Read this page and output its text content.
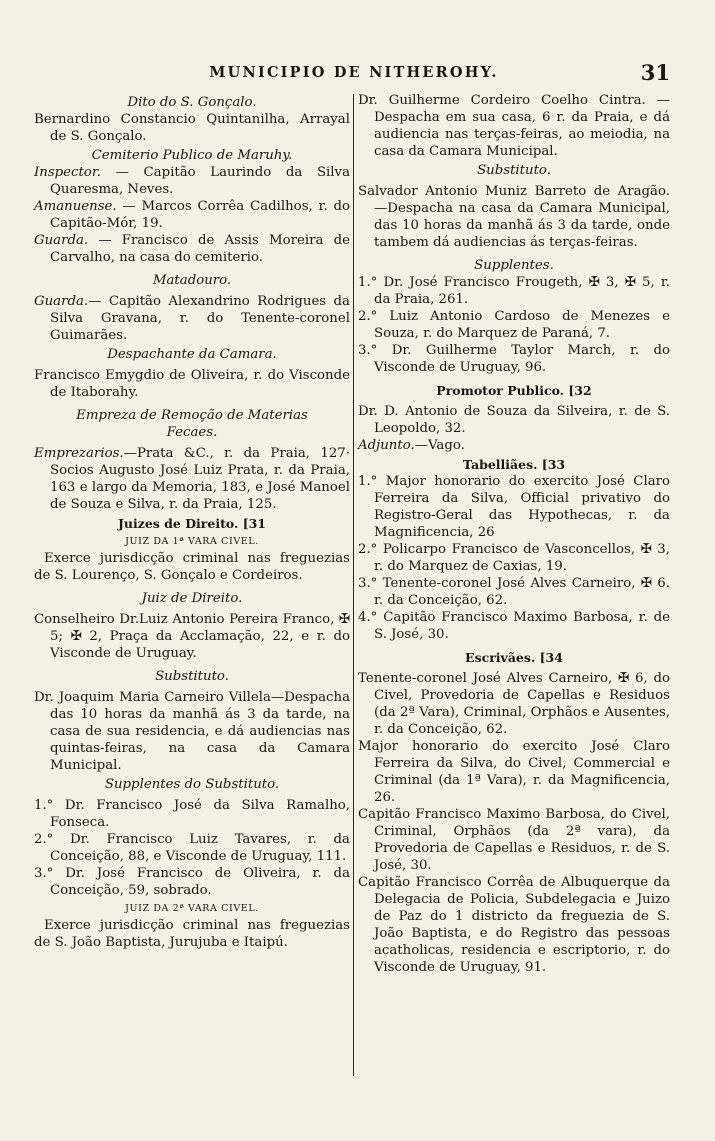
MUNICIPIO DE NITHEROHY.	31
Dito do S. Gonçalo.

Bernardino Constancio Quintanilha, Arrayal de S. Gonçalo.

Cemiterio Publico de Maruhy.

Inspector. — Capitão Laurindo da Silva Quaresma, Neves.

Amanuense. — Marcos Corrêa Cadilhos, r. do Capitão-Mór, 19.

Guarda. — Francisco de Assis Moreira de Carvalho, na casa do cemiterio.

Matadouro.

Guarda.— Capitão Alexandrino Rodrigues da Silva Gravana, r. do Tenente-coronel Guimarães.

Despachante da Camara.

Francisco Emygdio de Oliveira, r. do Visconde de Itaborahy.

Empreza de Remoção de Materias Fecaes.

Emprezarios.—Prata &C., r. da Praia, 127· Socios Augusto José Luiz Prata, r. da Praia, 163 e largo da Memoria, 183, e José Manoel de Souza e Silva, r. da Praia, 125.

Juizes de Direito. [31
JUIZ DA 1ª VARA CIVEL.

Exerce jurisdicção criminal nas freguezias de S. Lourenço, S. Gonçalo e Cordeiros.

Juiz de Direito.

Conselheiro Dr.Luiz Antonio Pereira Franco, ✠ 5; ✠ 2, Praça da Acclamação, 22, e r. do Visconde de Uruguay.

Substituto.

Dr. Joaquim Maria Carneiro Villela—Despacha das 10 horas da manhã ás 3 da tarde, na casa de sua residencia, e dá audiencias nas quintas-feiras, na casa da Camara Municipal.

Supplentes do Substituto.

1.° Dr. Francisco José da Silva Ramalho, Fonseca.

2.° Dr. Francisco Luiz Tavares, r. da Conceição, 88, e Visconde de Uruguay, 111.

3.° Dr. José Francisco de Oliveira, r. da Conceição, 59, sobrado.

JUIZ DA 2ª VARA CIVEL.

Exerce jurisdicção criminal nas freguezias de S. João Baptista, Jurujuba e Itaipú.

Dr. Guilherme Cordeiro Coelho Cintra. — Despacha em sua casa, 6 r. da Praia, e dá audiencia nas terças-feiras, ao meiodia, na casa da Camara Municipal.

Substituto.

Salvador Antonio Muniz Barreto de Aragão. —Despacha na casa da Camara Municipal, das 10 horas da manhã ás 3 da tarde, onde tambem dá audiencias ás terças-feiras.

Supplentes.

1.° Dr. José Francisco Frougeth, ✠ 3, ✠ 5, r. da Praia, 261.

2.° Luiz Antonio Cardoso de Menezes e Souza, r. do Marquez de Paraná, 7.

3.° Dr. Guilherme Taylor March, r. do Visconde de Uruguay, 96.

Promotor Publico. [32

Dr. D. Antonio de Souza da Silveira, r. de S. Leopoldo, 32.

Adjunto.—Vago.

Tabelliães. [33

1.° Major honorario do exercito José Claro Ferreira da Silva, Official privativo do Registro-Geral das Hypothecas, r. da Magnificencia, 26

2.° Policarpo Francisco de Vasconcellos, ✠ 3, r. do Marquez de Caxias, 19.

3.° Tenente-coronel José Alves Carneiro, ✠ 6. r. da Conceição, 62.

4.° Capitão Francisco Maximo Barbosa, r. de S. José, 30.

Escrivães. [34

Tenente-coronel José Alves Carneiro, ✠ 6, do Civel, Provedoria de Capellas e Residuos (da 2ª Vara), Criminal, Orphãos e Ausentes, r. da Conceição, 62.

Major honorario do exercito José Claro Ferreira da Silva, do Civel, Commercial e Criminal (da 1ª Vara), r. da Magnificencia, 26.

Capitão Francisco Maximo Barbosa, do Civel, Criminal, Orphãos (da 2ª vara), da Provedoria de Capellas e Residuos, r. de S. José, 30.

Capitão Francisco Corrêa de Albuquerque da Delegacia de Policia, Subdelegacia e Juizo de Paz do 1 districto da freguezia de S. João Baptista, e do Registro das pessoas acatholicas, residencia e escriptorio, r. do Visconde de Uruguay, 91.
